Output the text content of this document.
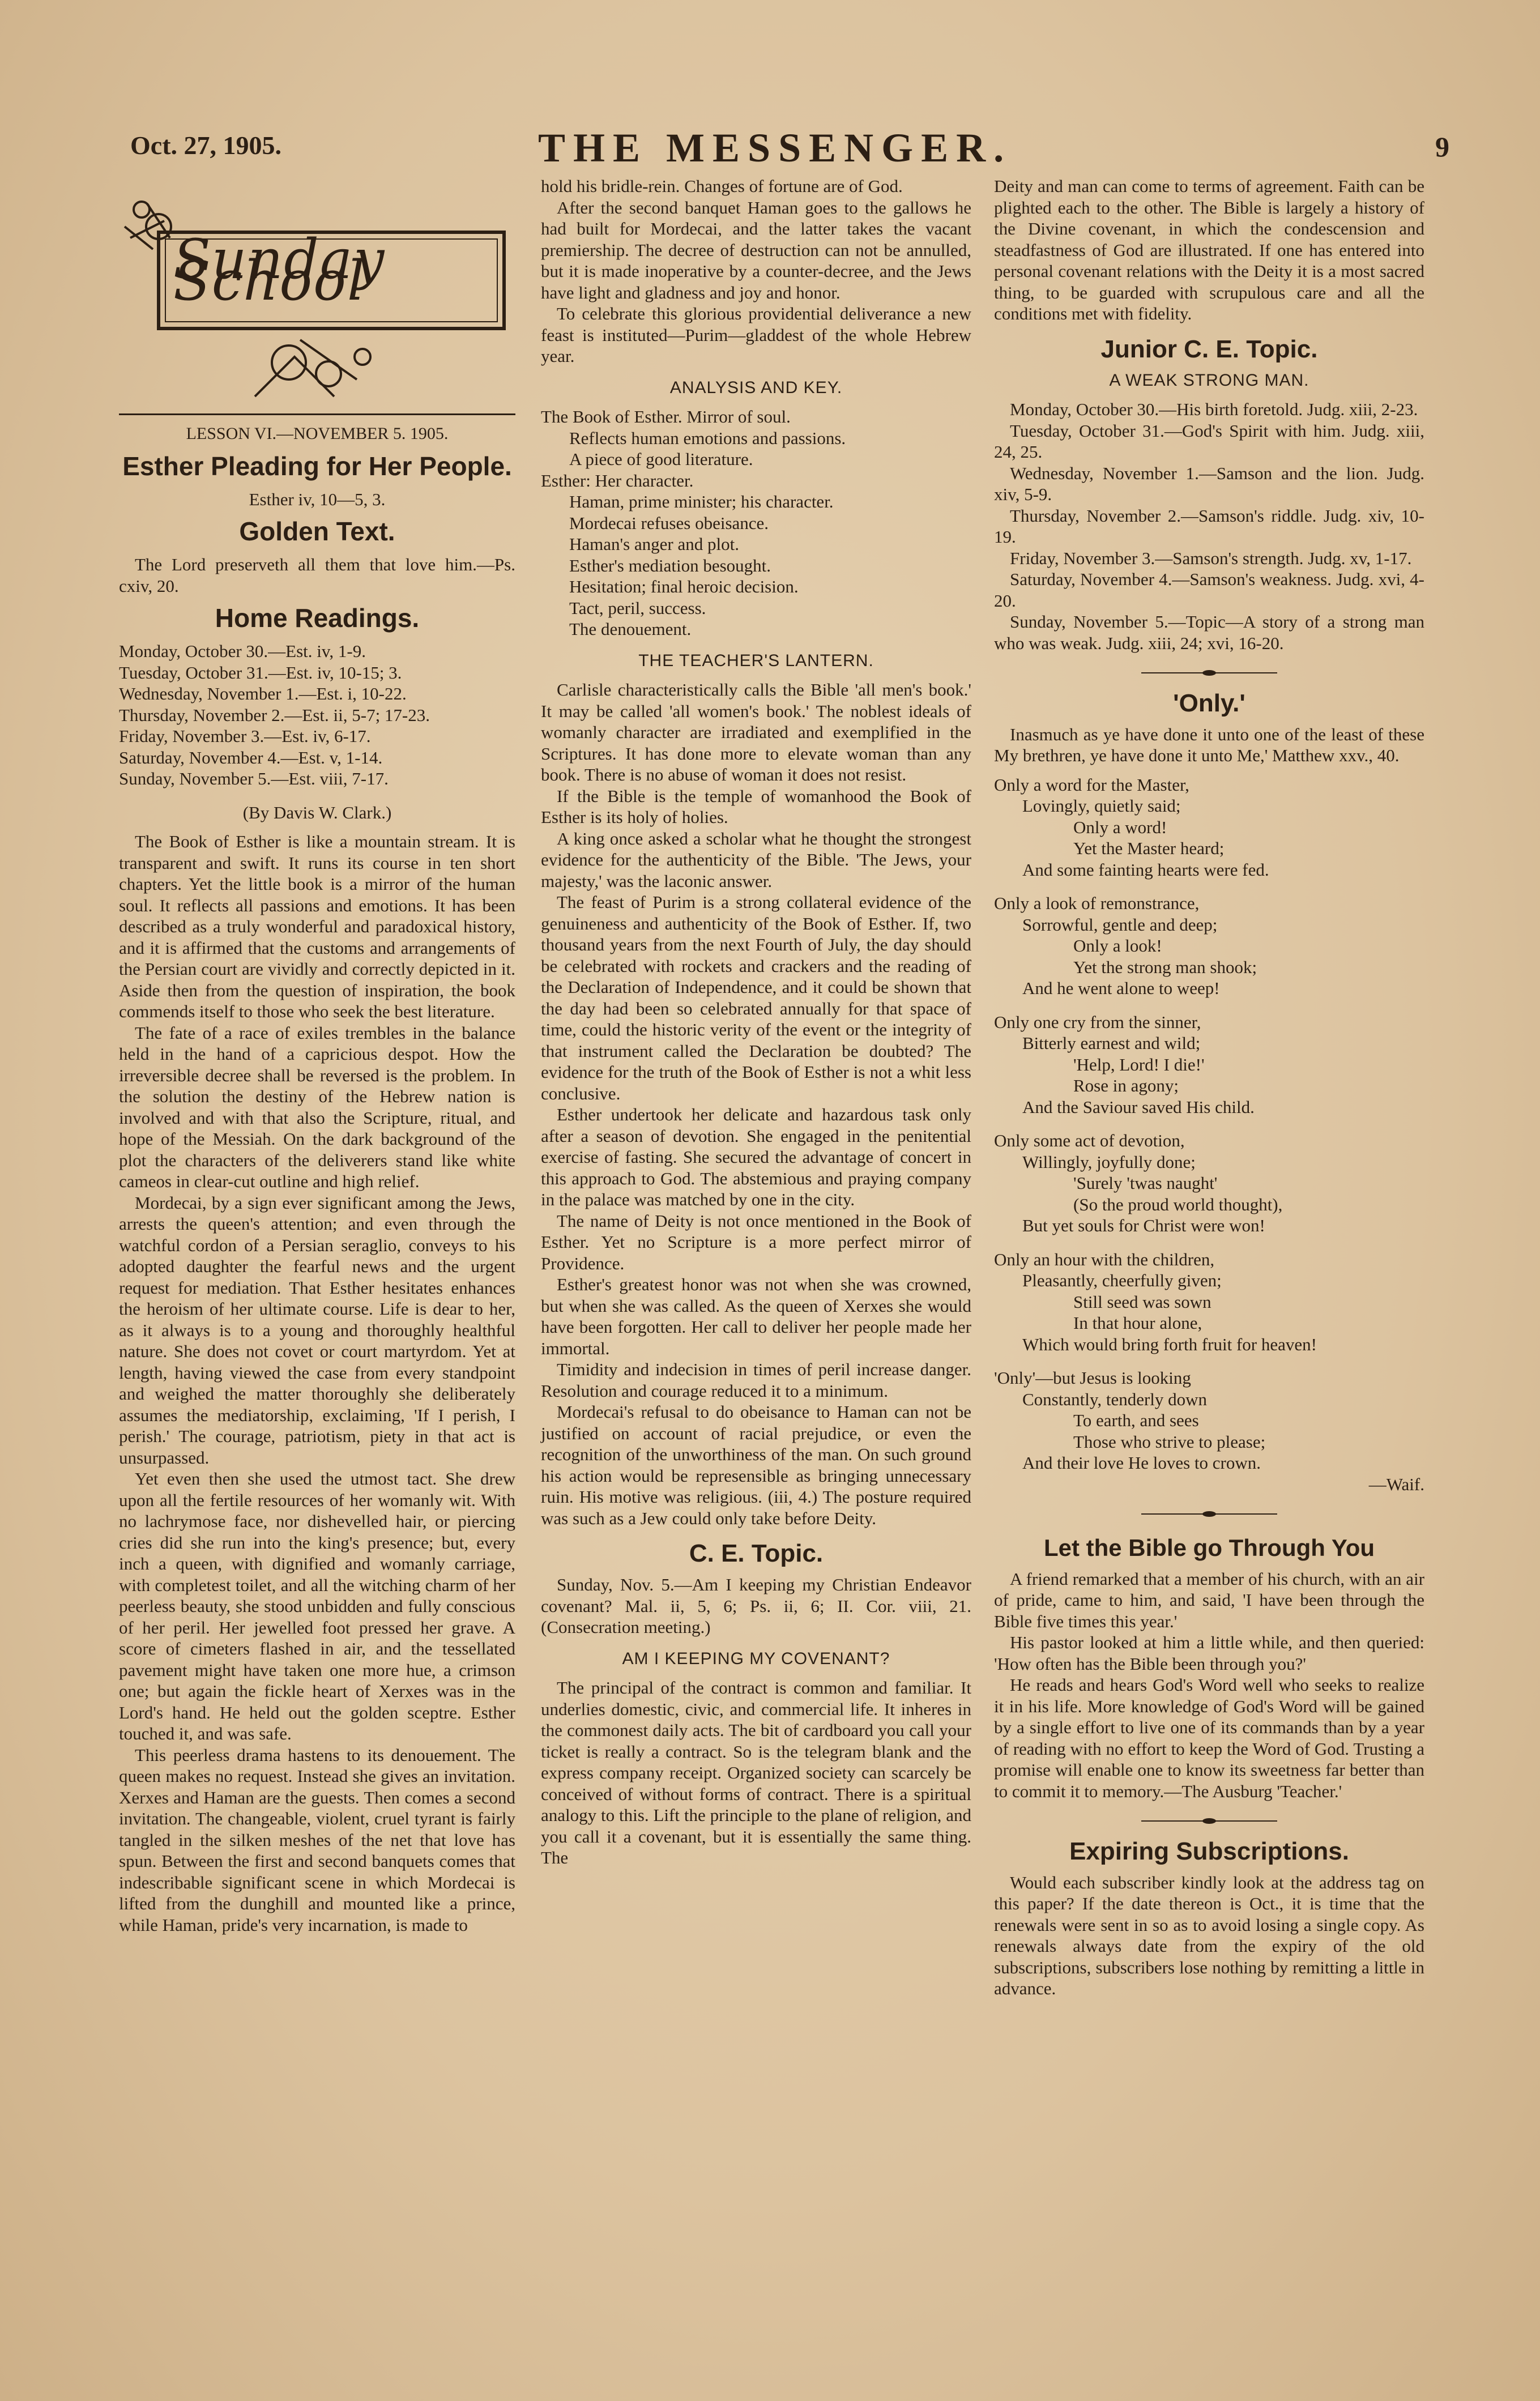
Oct. 27, 1905.	THE MESSENGER.	9
Sunday School
LESSON VI.—NOVEMBER 5. 1905.
Esther Pleading for Her People.
Esther iv, 10—5, 3.
Golden Text.

The Lord preserveth all them that love him.—Ps. cxiv, 20.

Home Readings.
Monday, October 30.—Est. iv, 1-9.
Tuesday, October 31.—Est. iv, 10-15; 3.
Wednesday, November 1.—Est. i, 10-22.
Thursday, November 2.—Est. ii, 5-7; 17-23.
Friday, November 3.—Est. iv, 6-17.
Saturday, November 4.—Est. v, 1-14.
Sunday, November 5.—Est. viii, 7-17.
(By Davis W. Clark.)

The Book of Esther is like a mountain stream. It is transparent and swift. It runs its course in ten short chapters. Yet the little book is a mirror of the human soul. It reflects all passions and emotions. It has been described as a truly wonderful and paradoxical history, and it is affirmed that the customs and arrangements of the Persian court are vividly and correctly depicted in it. Aside then from the question of inspiration, the book commends itself to those who seek the best literature.

The fate of a race of exiles trembles in the balance held in the hand of a capricious despot. How the irreversible decree shall be reversed is the problem. In the solution the destiny of the Hebrew nation is involved and with that also the Scripture, ritual, and hope of the Messiah. On the dark background of the plot the characters of the deliverers stand like white cameos in clear-cut outline and high relief.

Mordecai, by a sign ever significant among the Jews, arrests the queen's attention; and even through the watchful cordon of a Persian seraglio, conveys to his adopted daughter the fearful news and the urgent request for mediation. That Esther hesitates enhances the heroism of her ultimate course. Life is dear to her, as it always is to a young and thoroughly healthful nature. She does not covet or court martyrdom. Yet at length, having viewed the case from every standpoint and weighed the matter thoroughly she deliberately assumes the mediatorship, exclaiming, 'If I perish, I perish.' The courage, patriotism, piety in that act is unsurpassed.

Yet even then she used the utmost tact. She drew upon all the fertile resources of her womanly wit. With no lachrymose face, nor dishevelled hair, or piercing cries did she run into the king's presence; but, every inch a queen, with dignified and womanly carriage, with completest toilet, and all the witching charm of her peerless beauty, she stood unbidden and fully conscious of her peril. Her jewelled foot pressed her grave. A score of cimeters flashed in air, and the tessellated pavement might have taken one more hue, a crimson one; but again the fickle heart of Xerxes was in the Lord's hand. He held out the golden sceptre. Esther touched it, and was safe.

This peerless drama hastens to its denouement. The queen makes no request. Instead she gives an invitation. Xerxes and Haman are the guests. Then comes a second invitation. The changeable, violent, cruel tyrant is fairly tangled in the silken meshes of the net that love has spun. Between the first and second banquets comes that indescribable significant scene in which Mordecai is lifted from the dunghill and mounted like a prince, while Haman, pride's very incarnation, is made to

hold his bridle-rein. Changes of fortune are of God.

After the second banquet Haman goes to the gallows he had built for Mordecai, and the latter takes the vacant premiership. The decree of destruction can not be annulled, but it is made inoperative by a counter-decree, and the Jews have light and gladness and joy and honor.

To celebrate this glorious providential deliverance a new feast is instituted—Purim—gladdest of the whole Hebrew year.

ANALYSIS AND KEY.
The Book of Esther. Mirror of soul.
Reflects human emotions and passions.
A piece of good literature.
Esther: Her character.
Haman, prime minister; his character.
Mordecai refuses obeisance.
Haman's anger and plot.
Esther's mediation besought.
Hesitation; final heroic decision.
Tact, peril, success.
The denouement.
THE TEACHER'S LANTERN.

Carlisle characteristically calls the Bible 'all men's book.' It may be called 'all women's book.' The noblest ideals of womanly character are irradiated and exemplified in the Scriptures. It has done more to elevate woman than any book. There is no abuse of woman it does not resist.

If the Bible is the temple of womanhood the Book of Esther is its holy of holies.

A king once asked a scholar what he thought the strongest evidence for the authenticity of the Bible. 'The Jews, your majesty,' was the laconic answer.

The feast of Purim is a strong collateral evidence of the genuineness and authenticity of the Book of Esther. If, two thousand years from the next Fourth of July, the day should be celebrated with rockets and crackers and the reading of the Declaration of Independence, and it could be shown that the day had been so celebrated annually for that space of time, could the historic verity of the event or the integrity of that instrument called the Declaration be doubted? The evidence for the truth of the Book of Esther is not a whit less conclusive.

Esther undertook her delicate and hazardous task only after a season of devotion. She engaged in the penitential exercise of fasting. She secured the advantage of concert in this approach to God. The abstemious and praying company in the palace was matched by one in the city.

The name of Deity is not once mentioned in the Book of Esther. Yet no Scripture is a more perfect mirror of Providence.

Esther's greatest honor was not when she was crowned, but when she was called. As the queen of Xerxes she would have been forgotten. Her call to deliver her people made her immortal.

Timidity and indecision in times of peril increase danger. Resolution and courage reduced it to a minimum.

Mordecai's refusal to do obeisance to Haman can not be justified on account of racial prejudice, or even the recognition of the unworthiness of the man. On such ground his action would be represensible as bringing unnecessary ruin. His motive was religious. (iii, 4.) The posture required was such as a Jew could only take before Deity.

C. E. Topic.

Sunday, Nov. 5.—Am I keeping my Christian Endeavor covenant? Mal. ii, 5, 6; Ps. ii, 6; II. Cor. viii, 21. (Consecration meeting.)

AM I KEEPING MY COVENANT?

The principal of the contract is common and familiar. It underlies domestic, civic, and commercial life. It inheres in the commonest daily acts. The bit of cardboard you call your ticket is really a contract. So is the telegram blank and the express company receipt. Organized society can scarcely be conceived of without forms of contract. There is a spiritual analogy to this. Lift the principle to the plane of religion, and you call it a covenant, but it is essentially the same thing. The

Deity and man can come to terms of agreement. Faith can be plighted each to the other. The Bible is largely a history of the Divine covenant, in which the condescension and steadfastness of God are illustrated. If one has entered into personal covenant relations with the Deity it is a most sacred thing, to be guarded with scrupulous care and all the conditions met with fidelity.

Junior C. E. Topic.
A WEAK STRONG MAN.

Monday, October 30.—His birth foretold. Judg. xiii, 2-23.

Tuesday, October 31.—God's Spirit with him. Judg. xiii, 24, 25.

Wednesday, November 1.—Samson and the lion. Judg. xiv, 5-9.

Thursday, November 2.—Samson's riddle. Judg. xiv, 10-19.

Friday, November 3.—Samson's strength. Judg. xv, 1-17.

Saturday, November 4.—Samson's weakness. Judg. xvi, 4-20.

Sunday, November 5.—Topic—A story of a strong man who was weak. Judg. xiii, 24; xvi, 16-20.

'Only.'

Inasmuch as ye have done it unto one of the least of these My brethren, ye have done it unto Me,' Matthew xxv., 40.

Only a word for the Master,
Lovingly, quietly said;
Only a word!
Yet the Master heard;
And some fainting hearts were fed.
Only a look of remonstrance,
Sorrowful, gentle and deep;
Only a look!
Yet the strong man shook;
And he went alone to weep!
Only one cry from the sinner,
Bitterly earnest and wild;
'Help, Lord! I die!'
Rose in agony;
And the Saviour saved His child.
Only some act of devotion,
Willingly, joyfully done;
'Surely 'twas naught'
(So the proud world thought),
But yet souls for Christ were won!
Only an hour with the children,
Pleasantly, cheerfully given;
Still seed was sown
In that hour alone,
Which would bring forth fruit for heaven!
'Only'—but Jesus is looking
Constantly, tenderly down
To earth, and sees
Those who strive to please;
And their love He loves to crown.
—Waif.
Let the Bible go Through You

A friend remarked that a member of his church, with an air of pride, came to him, and said, 'I have been through the Bible five times this year.'

His pastor looked at him a little while, and then queried: 'How often has the Bible been through you?'

He reads and hears God's Word well who seeks to realize it in his life. More knowledge of God's Word will be gained by a single effort to live one of its commands than by a year of reading with no effort to keep the Word of God. Trusting a promise will enable one to know its sweetness far better than to commit it to memory.—The Ausburg 'Teacher.'

Expiring Subscriptions.

Would each subscriber kindly look at the address tag on this paper? If the date thereon is Oct., it is time that the renewals were sent in so as to avoid losing a single copy. As renewals always date from the expiry of the old subscriptions, subscribers lose nothing by remitting a little in advance.
